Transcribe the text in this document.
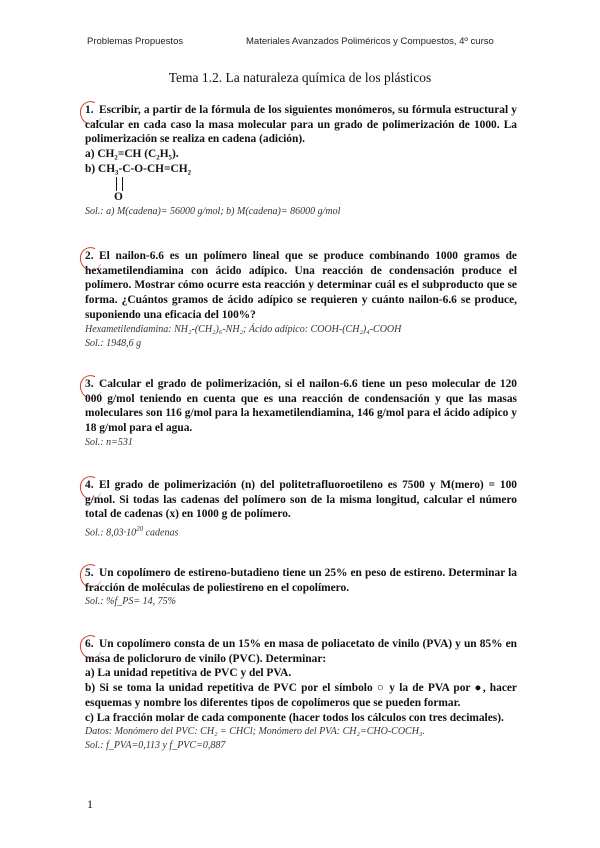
Problemas Propuestos	Materiales Avanzados Poliméricos y Compuestos, 4º curso
Tema 1.2. La naturaleza química de los plásticos
1. Escribir, a partir de la fórmula de los siguientes monómeros, su fórmula estructural y calcular en cada caso la masa molecular para un grado de polimerización de 1000. La polimerización se realiza en cadena (adición).
a) CH₂=CH (C₂H₅).
b) CH₃-C-O-CH=CH₂
O
Sol.: a) M(cadena)= 56000 g/mol; b) M(cadena)= 86000 g/mol
2. El nailon-6.6 es un polímero lineal que se produce combinando 1000 gramos de hexametilendiamina con ácido adípico. Una reacción de condensación produce el polímero. Mostrar cómo ocurre esta reacción y determinar cuál es el subproducto que se forma. ¿Cuántos gramos de ácido adípico se requieren y cuánto nailon-6.6 se produce, suponiendo una eficacia del 100%?
Hexametilendiamina: NH₂-(CH₂)₆-NH₂; Ácido adípico: COOH-(CH₂)₄-COOH
Sol.: 1948,6 g
3. Calcular el grado de polimerización, si el nailon-6.6 tiene un peso molecular de 120 000 g/mol teniendo en cuenta que es una reacción de condensación y que las masas moleculares son 116 g/mol para la hexametilendiamina, 146 g/mol para el ácido adípico y 18 g/mol para el agua.
Sol.: n=531
4. El grado de polimerización (n) del politetrafluoroetileno es 7500 y M(mero) = 100 g/mol. Si todas las cadenas del polímero son de la misma longitud, calcular el número total de cadenas (x) en 1000 g de polímero.
Sol.: $8,03\cdot 10^{20}$ cadenas
5. Un copolímero de estireno-butadieno tiene un 25% en peso de estireno. Determinar la fracción de moléculas de poliestireno en el copolímero.
Sol.: %f_PS= 14, 75%
6. Un copolímero consta de un 15% en masa de poliacetato de vinilo (PVA) y un 85% en masa de policloruro de vinilo (PVC). Determinar:
a) La unidad repetitiva de PVC y del PVA.
b) Si se toma la unidad repetitiva de PVC por el símbolo ○ y la de PVA por ●, hacer esquemas y nombre los diferentes tipos de copolímeros que se pueden formar.
c) La fracción molar de cada componente (hacer todos los cálculos con tres decimales).
Datos: Monómero del PVC: CH₂ = CHCl; Monómero del PVA: CH₂=CHO-COCH₃.
Sol.: f_PVA=0,113 y f_PVC=0,887
1
